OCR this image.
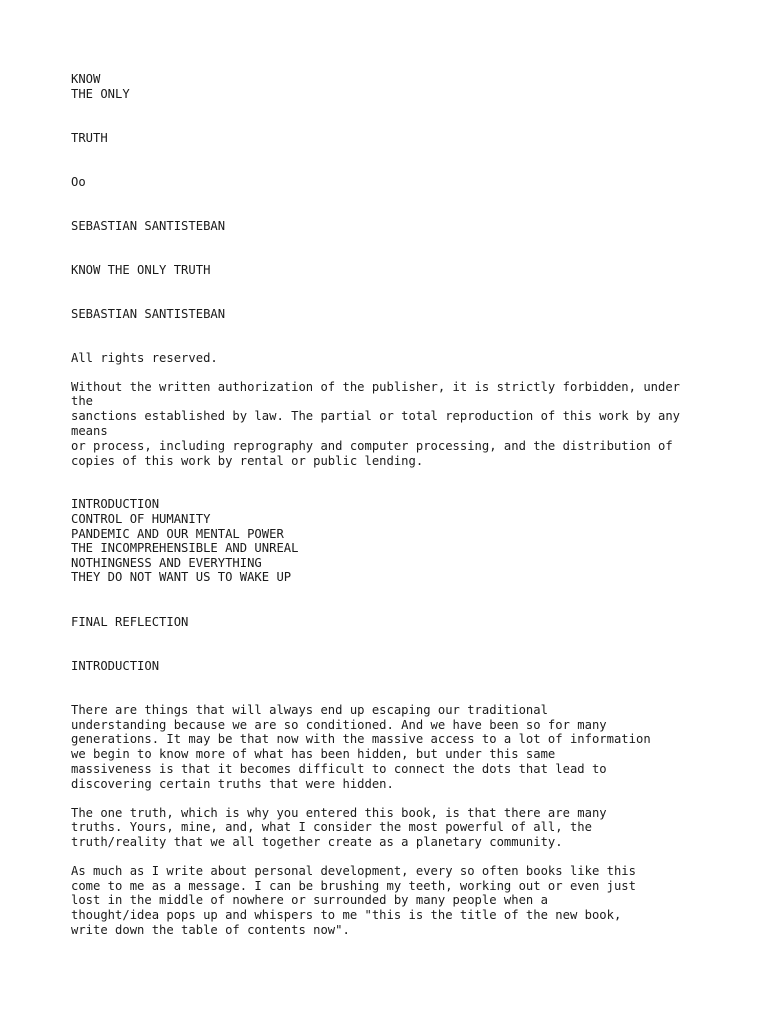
KNOW

THE ONLY

TRUTH

Oo

SEBASTIAN SANTISTEBAN

KNOW THE ONLY TRUTH

SEBASTIAN SANTISTEBAN

All rights reserved.

Without the written authorization of the publisher, it is strictly forbidden, under

the

sanctions established by law. The partial or total reproduction of this work by any

means

or process, including reprography and computer processing, and the distribution of

copies of this work by rental or public lending.

INTRODUCTION

CONTROL OF HUMANITY

PANDEMIC AND OUR MENTAL POWER

THE INCOMPREHENSIBLE AND UNREAL

NOTHINGNESS AND EVERYTHING

THEY DO NOT WANT US TO WAKE UP

FINAL REFLECTION

INTRODUCTION

There are things that will always end up escaping our traditional

understanding because we are so conditioned. And we have been so for many

generations. It may be that now with the massive access to a lot of information

we begin to know more of what has been hidden, but under this same

massiveness is that it becomes difficult to connect the dots that lead to

discovering certain truths that were hidden.

The one truth, which is why you entered this book, is that there are many

truths. Yours, mine, and, what I consider the most powerful of all, the

truth/reality that we all together create as a planetary community.

As much as I write about personal development, every so often books like this

come to me as a message. I can be brushing my teeth, working out or even just

lost in the middle of nowhere or surrounded by many people when a

thought/idea pops up and whispers to me "this is the title of the new book,

write down the table of contents now".
